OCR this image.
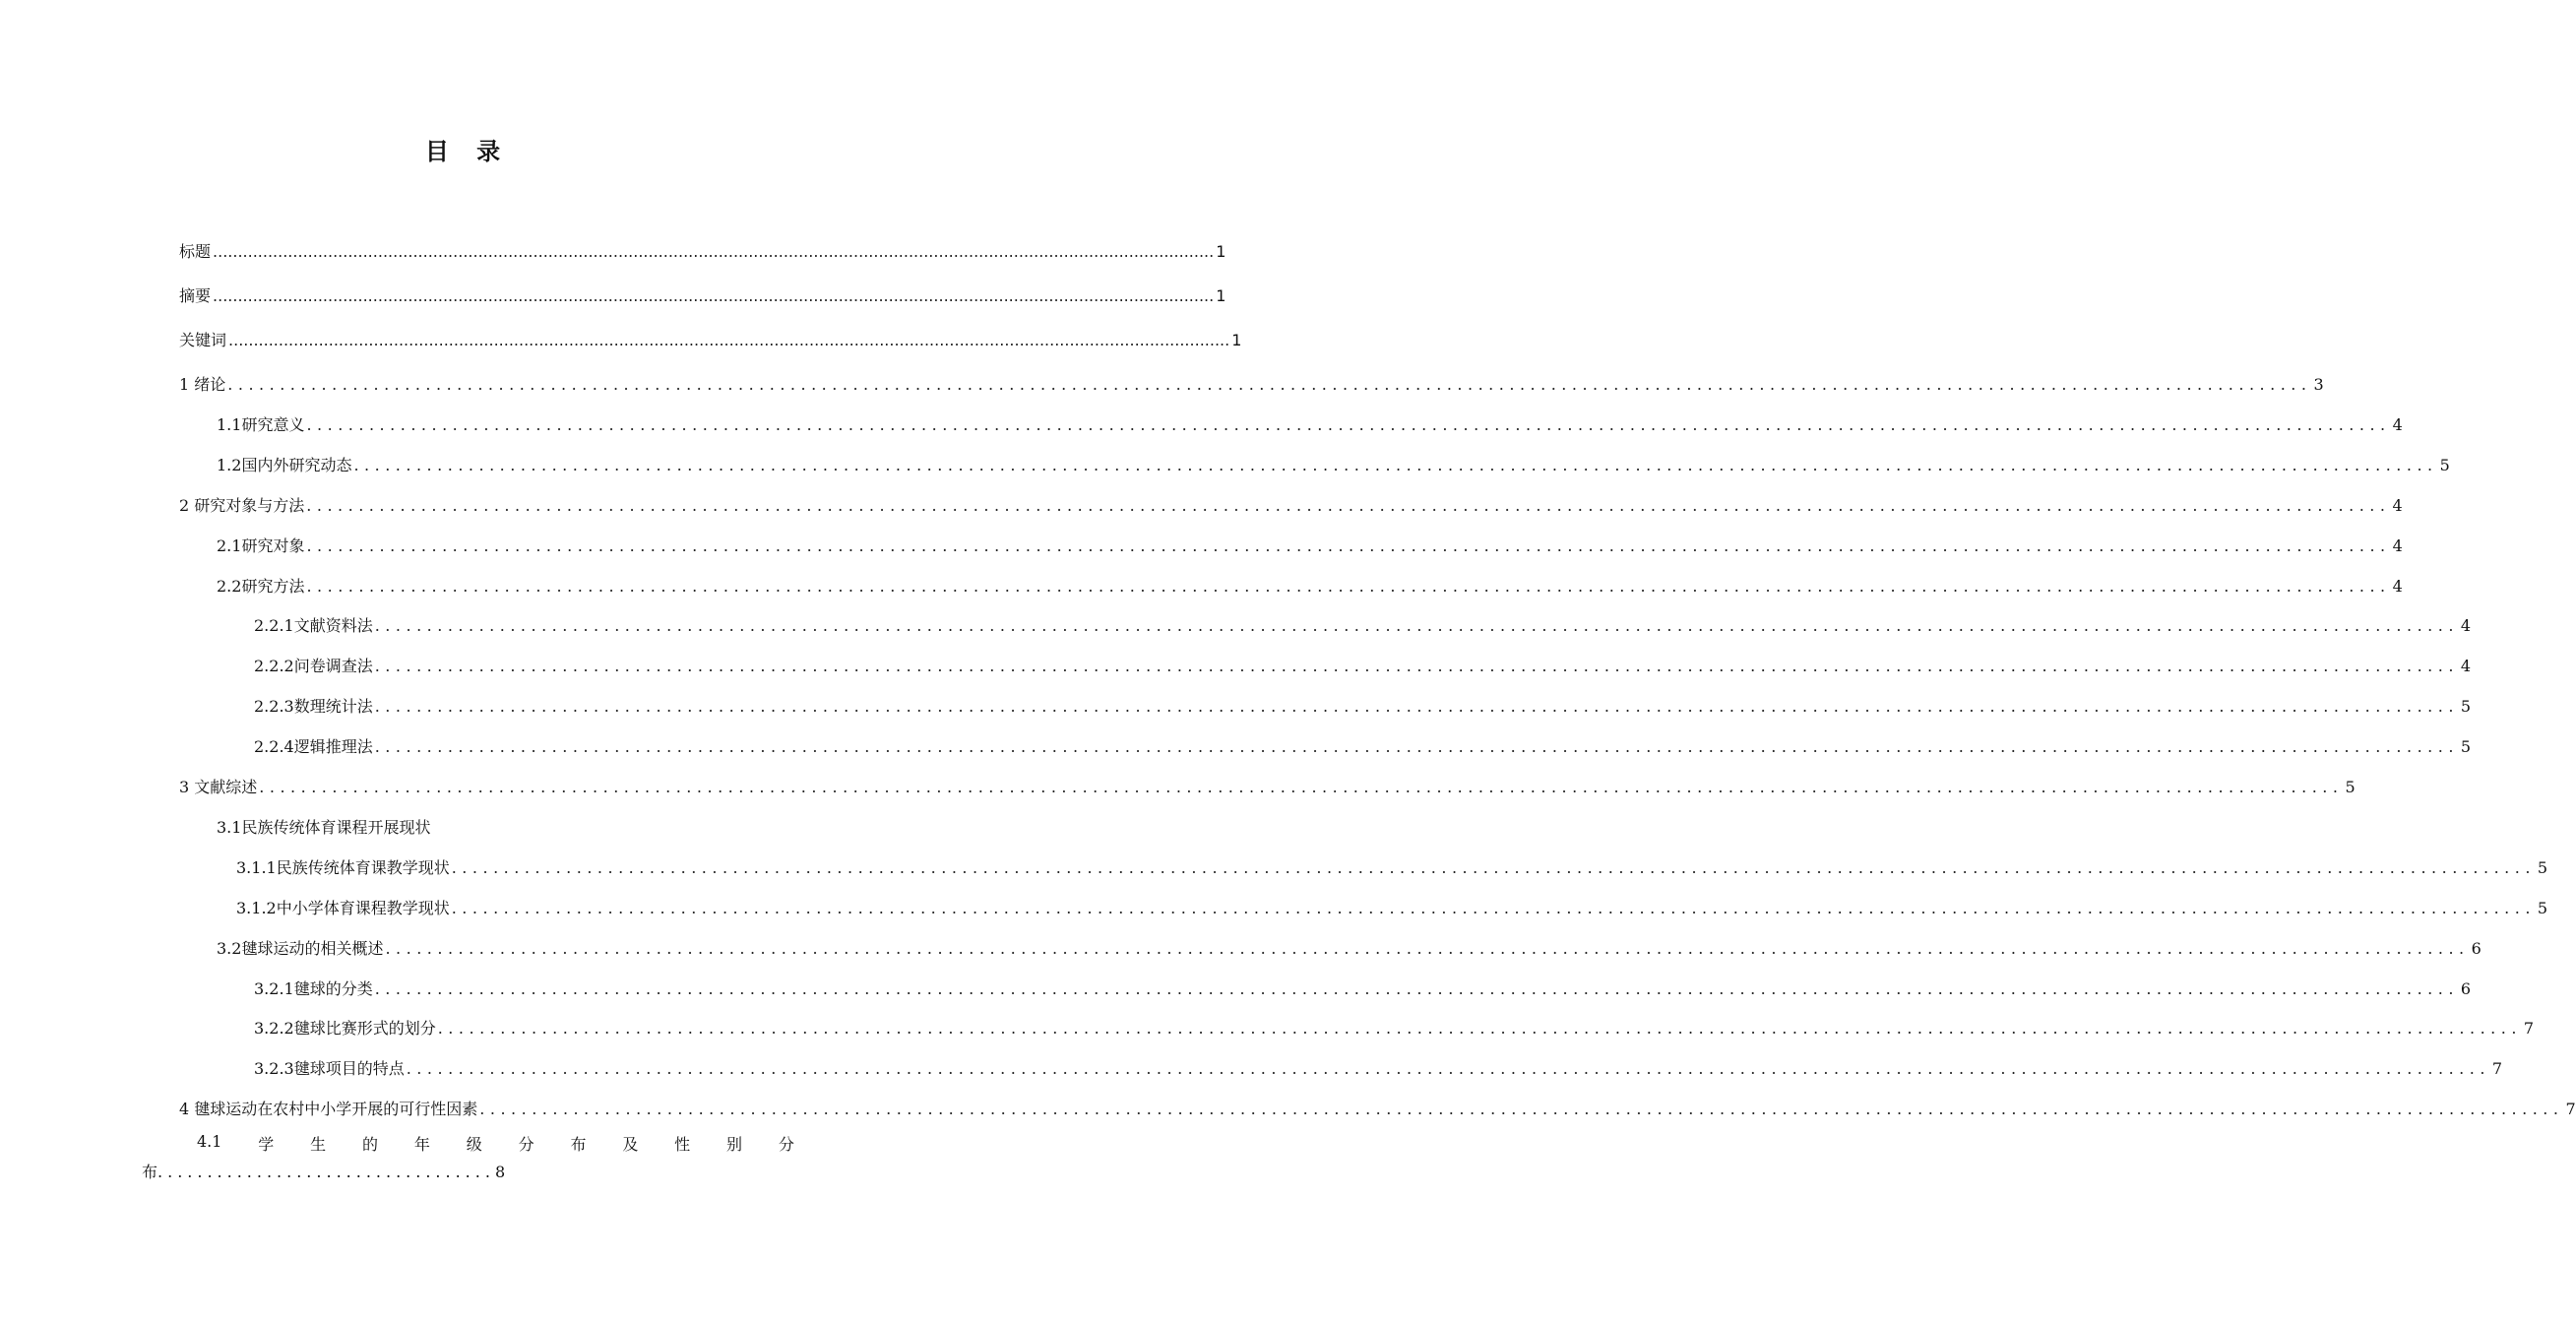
目 录
标题 ........................................................................................................................................................................................................ 1
摘要 ........................................................................................................................................................................................................ 1
关键词 ........................................................................................................................................................................................................ 1
1 绪论 ........................................................................................................................................................................................................ 3
1.1研究意义 ........................................................................................................................................................................................................ 4
1.2国内外研究动态 ........................................................................................................................................................................................................ 5
2 研究对象与方法 ........................................................................................................................................................................................................ 4
2.1研究对象 ........................................................................................................................................................................................................ 4
2.2研究方法 ........................................................................................................................................................................................................ 4
2.2.1文献资料法 ........................................................................................................................................................................................................ 4
2.2.2问卷调查法 ........................................................................................................................................................................................................ 4
2.2.3数理统计法 ........................................................................................................................................................................................................ 5
2.2.4逻辑推理法 ........................................................................................................................................................................................................ 5
3 文献综述 ........................................................................................................................................................................................................ 5
3.1民族传统体育课程开展现状
3.1.1民族传统体育课教学现状 ........................................................................................................................................................................................................ 5
3.1.2中小学体育课程教学现状 ........................................................................................................................................................................................................ 5
3.2毽球运动的相关概述 ........................................................................................................................................................................................................ 6
3.2.1毽球的分类 ........................................................................................................................................................................................................ 6
3.2.2毽球比赛形式的划分 ........................................................................................................................................................................................................ 7
3.2.3毽球项目的特点 ........................................................................................................................................................................................................ 7
4 毽球运动在农村中小学开展的可行性因素 ........................................................................................................................................................................................................ 7
4.1 学 生 的 年 级 分 布 及 性 别 分
布..................................8
